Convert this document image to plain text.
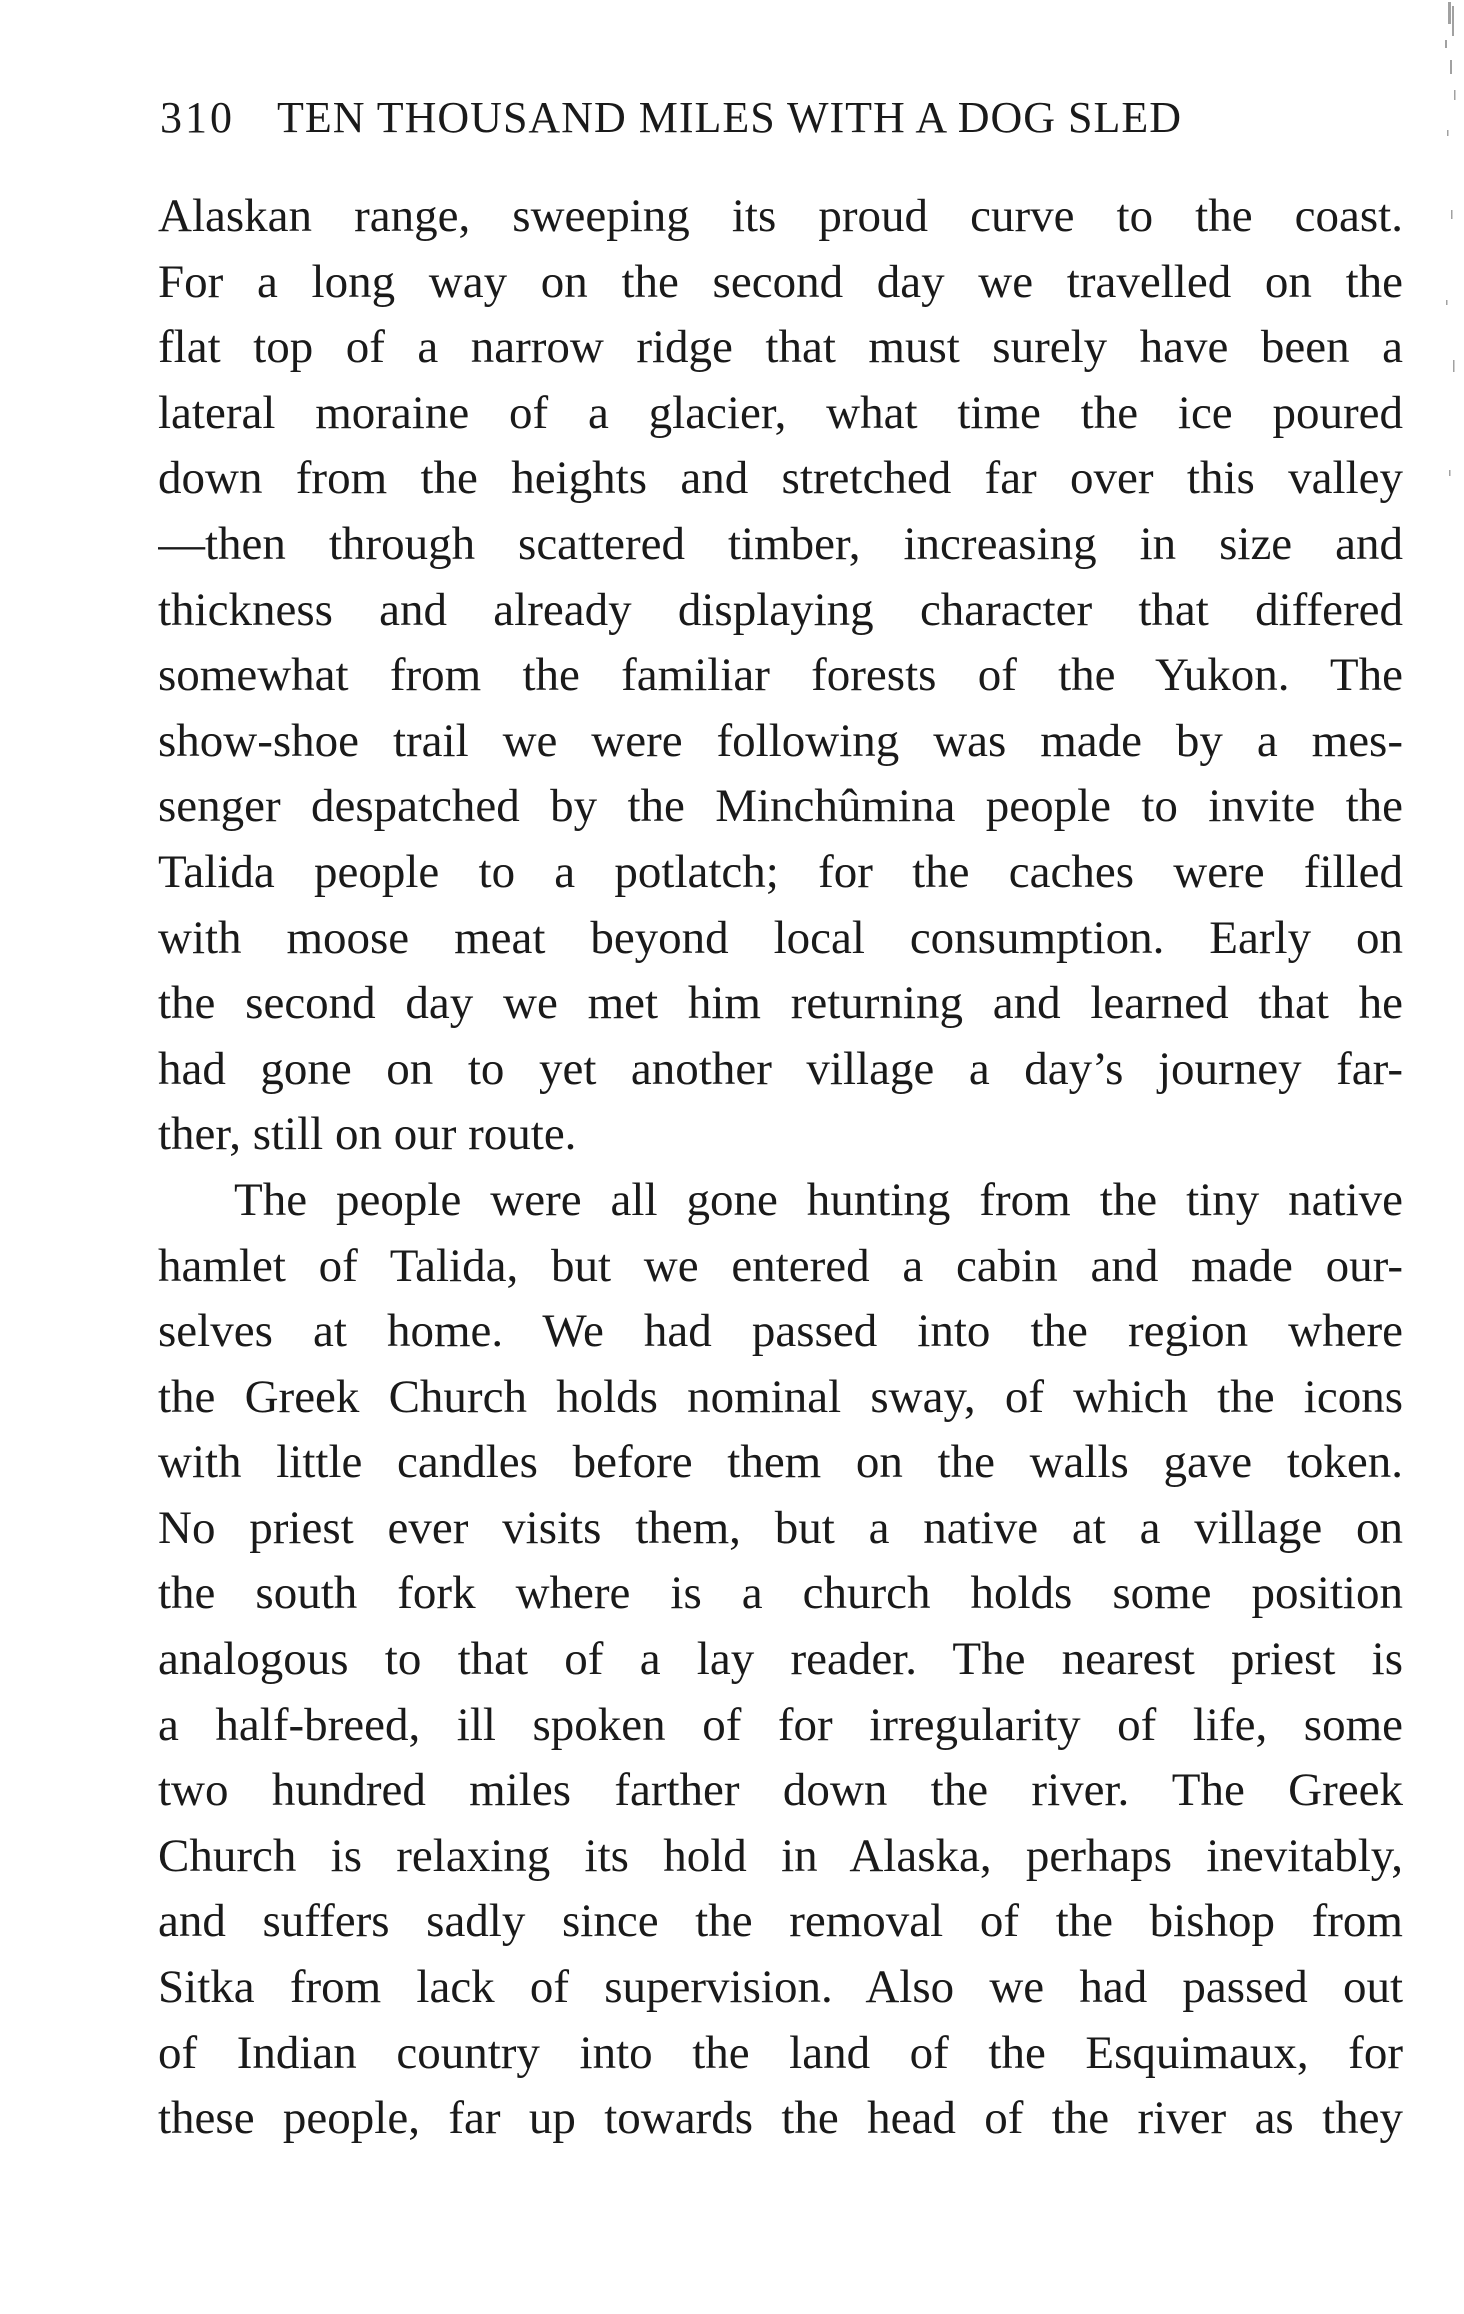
310 TEN THOUSAND MILES WITH A DOG SLED
Alaskan range, sweeping its proud curve to the coast.
For a long way on the second day we travelled on the
flat top of a narrow ridge that must surely have been a
lateral moraine of a glacier, what time the ice poured
down from the heights and stretched far over this valley
—then through scattered timber, increasing in size and
thickness and already displaying character that differed
somewhat from the familiar forests of the Yukon. The
show-shoe trail we were following was made by a mes-
senger despatched by the Minchûmina people to invite the
Talida people to a potlatch; for the caches were filled
with moose meat beyond local consumption. Early on
the second day we met him returning and learned that he
had gone on to yet another village a day’s journey far-
ther, still on our route.
The people were all gone hunting from the tiny native
hamlet of Talida, but we entered a cabin and made our-
selves at home. We had passed into the region where
the Greek Church holds nominal sway, of which the icons
with little candles before them on the walls gave token.
No priest ever visits them, but a native at a village on
the south fork where is a church holds some position
analogous to that of a lay reader. The nearest priest is
a half-breed, ill spoken of for irregularity of life, some
two hundred miles farther down the river. The Greek
Church is relaxing its hold in Alaska, perhaps inevitably,
and suffers sadly since the removal of the bishop from
Sitka from lack of supervision. Also we had passed out
of Indian country into the land of the Esquimaux, for
these people, far up towards the head of the river as they
